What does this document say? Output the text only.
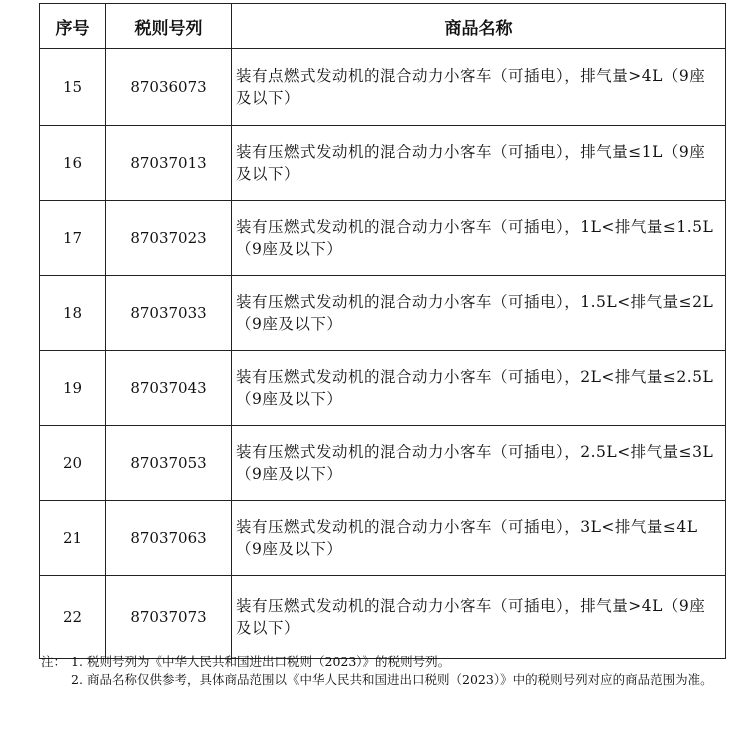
序号	税则号列	商品名称
15	87036073	装有点燃式发动机的混合动力小客车（可插电），排气量>4L（9座及以下）
16	87037013	装有压燃式发动机的混合动力小客车（可插电），排气量≤1L（9座及以下）
17	87037023	装有压燃式发动机的混合动力小客车（可插电），1L<排气量≤1.5L（9座及以下）
18	87037033	装有压燃式发动机的混合动力小客车（可插电），1.5L<排气量≤2L（9座及以下）
19	87037043	装有压燃式发动机的混合动力小客车（可插电），2L<排气量≤2.5L（9座及以下）
20	87037053	装有压燃式发动机的混合动力小客车（可插电），2.5L<排气量≤3L（9座及以下）
21	87037063	装有压燃式发动机的混合动力小客车（可插电），3L<排气量≤4L（9座及以下）
22	87037073	装有压燃式发动机的混合动力小客车（可插电），排气量>4L（9座及以下）
注： 1. 税则号列为《中华人民共和国进出口税则（2023）》的税则号列。
2. 商品名称仅供参考，具体商品范围以《中华人民共和国进出口税则（2023）》中的税则号列对应的商品范围为准。
